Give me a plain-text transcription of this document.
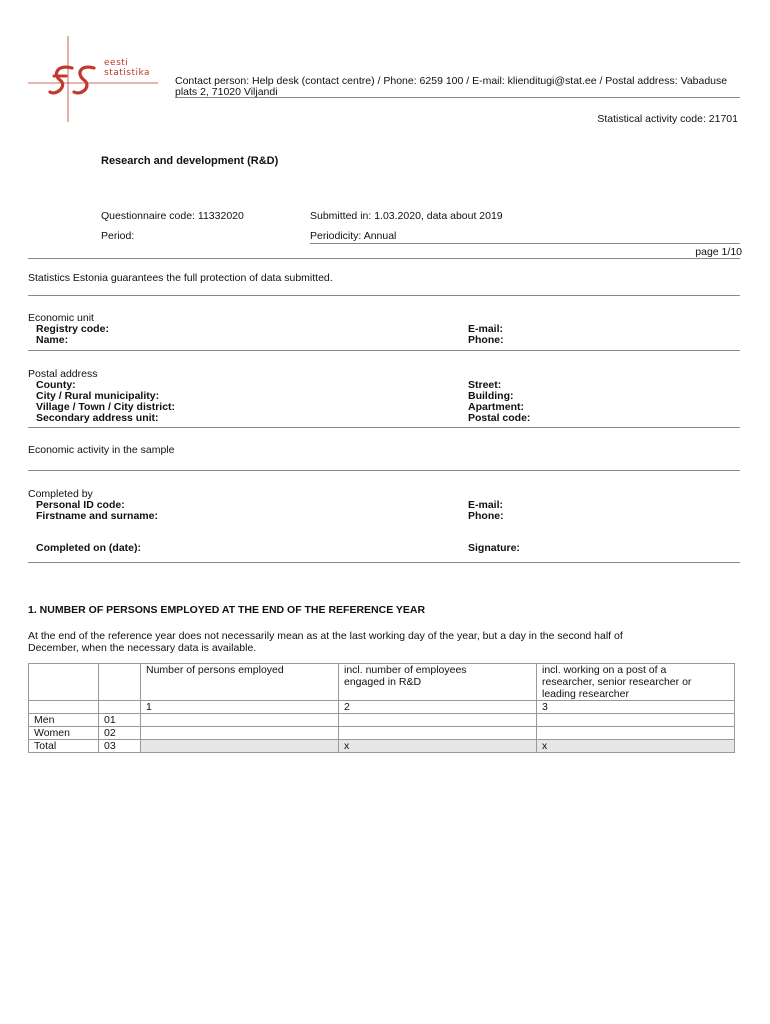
eesti
statistika
Contact person: Help desk (contact centre) / Phone: 6259 100 / E-mail: klienditugi@stat.ee / Postal address: Vabaduse
plats 2, 71020 Viljandi
Statistical activity code: 21701
Research and development (R&D)
Questionnaire code: 11332020	Submitted in: 1.03.2020, data about 2019
Period:	Periodicity: Annual
page 1/10
Statistics Estonia guarantees the full protection of data submitted.
Economic unit
Registry code:
Name:
E-mail:
Phone:
Postal address
County:
City / Rural municipality:
Village / Town / City district:
Secondary address unit:
Street:
Building:
Apartment:
Postal code:
Economic activity in the sample
Completed by
Personal ID code:
Firstname and surname:
E-mail:
Phone:
Completed on (date):	Signature:
1. NUMBER OF PERSONS EMPLOYED AT THE END OF THE REFERENCE YEAR
At the end of the reference year does not necessarily mean as at the last working day of the year, but a day in the second half of
December, when the necessary data is available.
		Number of persons employed	incl. number of employees
engaged in R&D	incl. working on a post of a
researcher, senior researcher or
leading researcher

		1	2	3
Men	01			
Women	02			
Total	03		x	x
